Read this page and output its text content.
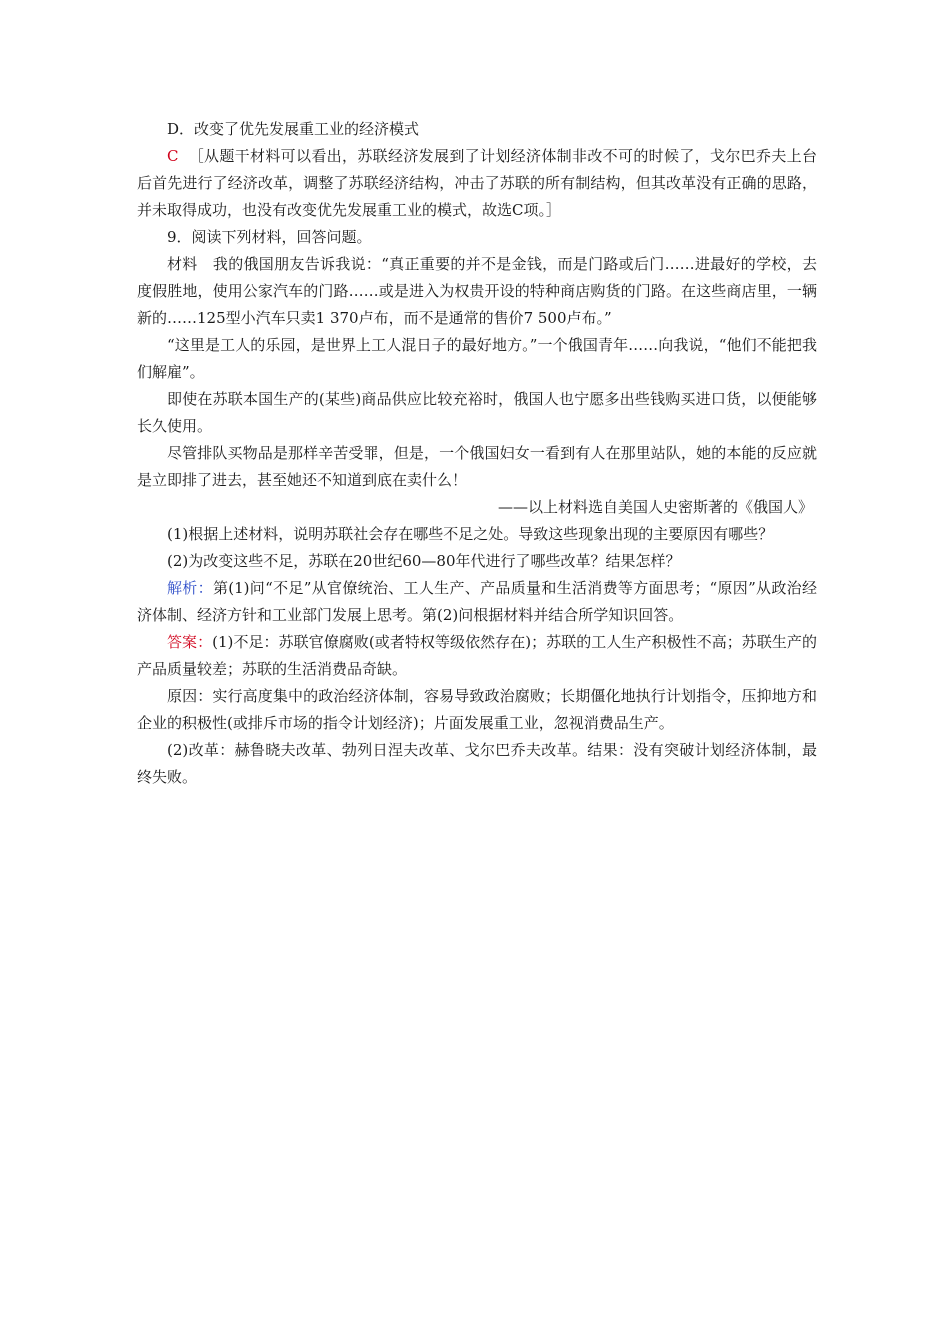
D．改变了优先发展重工业的经济模式

C ［从题干材料可以看出，苏联经济发展到了计划经济体制非改不可的时候了，戈尔巴乔夫上台后首先进行了经济改革，调整了苏联经济结构，冲击了苏联的所有制结构，但其改革没有正确的思路，并未取得成功，也没有改变优先发展重工业的模式，故选C项。］

9．阅读下列材料，回答问题。

材料　我的俄国朋友告诉我说：“真正重要的并不是金钱，而是门路或后门……进最好的学校，去度假胜地，使用公家汽车的门路……或是进入为权贵开设的特种商店购货的门路。在这些商店里，一辆新的……125型小汽车只卖1 370卢布，而不是通常的售价7 500卢布。”

“这里是工人的乐园，是世界上工人混日子的最好地方。”一个俄国青年……向我说，“他们不能把我们解雇”。

即使在苏联本国生产的(某些)商品供应比较充裕时，俄国人也宁愿多出些钱购买进口货，以便能够长久使用。

尽管排队买物品是那样辛苦受罪，但是，一个俄国妇女一看到有人在那里站队，她的本能的反应就是立即排了进去，甚至她还不知道到底在卖什么！

——以上材料选自美国人史密斯著的《俄国人》

(1)根据上述材料，说明苏联社会存在哪些不足之处。导致这些现象出现的主要原因有哪些？

(2)为改变这些不足，苏联在20世纪60—80年代进行了哪些改革？结果怎样？

解析：第(1)问“不足”从官僚统治、工人生产、产品质量和生活消费等方面思考；“原因”从政治经济体制、经济方针和工业部门发展上思考。第(2)问根据材料并结合所学知识回答。

答案：(1)不足：苏联官僚腐败(或者特权等级依然存在)；苏联的工人生产积极性不高；苏联生产的产品质量较差；苏联的生活消费品奇缺。

原因：实行高度集中的政治经济体制，容易导致政治腐败；长期僵化地执行计划指令，压抑地方和企业的积极性(或排斥市场的指令计划经济)；片面发展重工业，忽视消费品生产。

(2)改革：赫鲁晓夫改革、勃列日涅夫改革、戈尔巴乔夫改革。结果：没有突破计划经济体制，最终失败。
